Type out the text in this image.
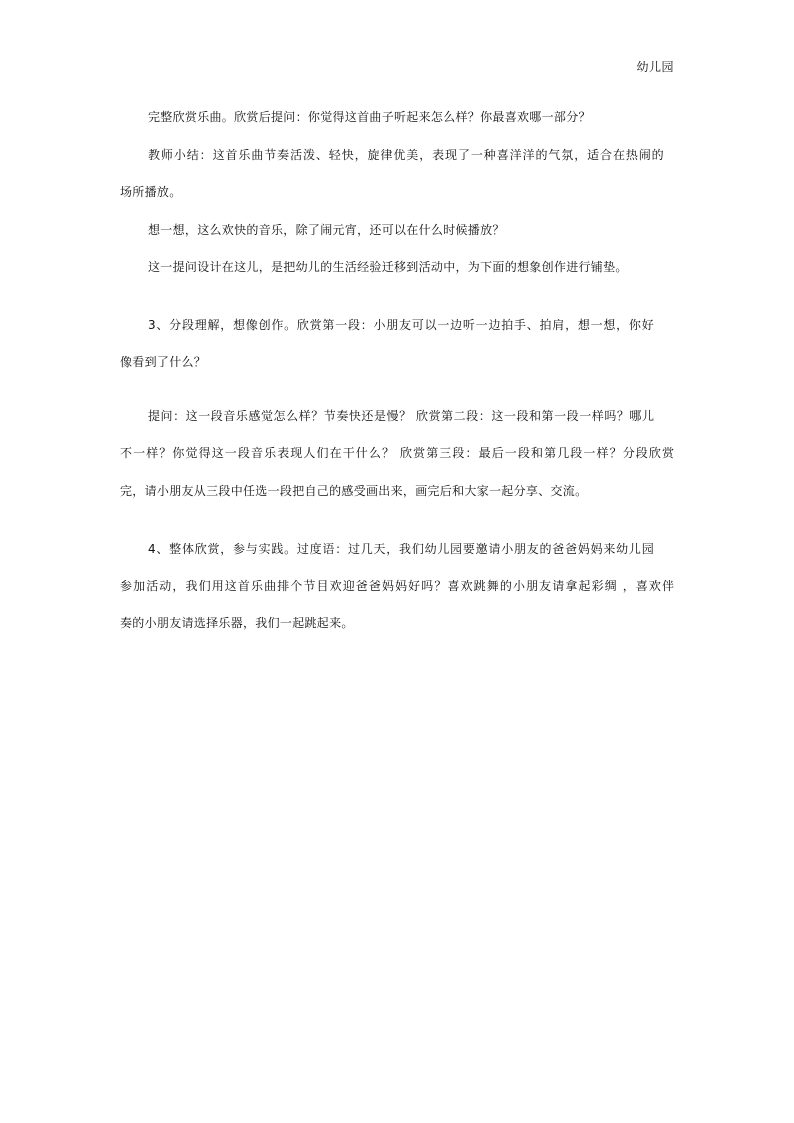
幼儿园
完整欣赏乐曲。欣赏后提问：你觉得这首曲子听起来怎么样？你最喜欢哪一部分？
教师小结：这首乐曲节奏活泼、轻快，旋律优美，表现了一种喜洋洋的气氛，适合在热闹的
场所播放。
想一想，这么欢快的音乐，除了闹元宵，还可以在什么时候播放？
这一提问设计在这儿，是把幼儿的生活经验迁移到活动中，为下面的想象创作进行铺垫。
3、分段理解，想像创作。欣赏第一段：小朋友可以一边听一边拍手、拍肩，想一想，你好
像看到了什么？
提问：这一段音乐感觉怎么样？节奏快还是慢？ 欣赏第二段：这一段和第一段一样吗？哪儿
不一样？你觉得这一段音乐表现人们在干什么？ 欣赏第三段：最后一段和第几段一样？分段欣赏
完，请小朋友从三段中任选一段把自己的感受画出来，画完后和大家一起分享、交流。
4、整体欣赏，参与实践。过度语：过几天，我们幼儿园要邀请小朋友的爸爸妈妈来幼儿园
参加活动，我们用这首乐曲排个节目欢迎爸爸妈妈好吗？喜欢跳舞的小朋友请拿起彩绸 ，喜欢伴
奏的小朋友请选择乐器，我们一起跳起来。
